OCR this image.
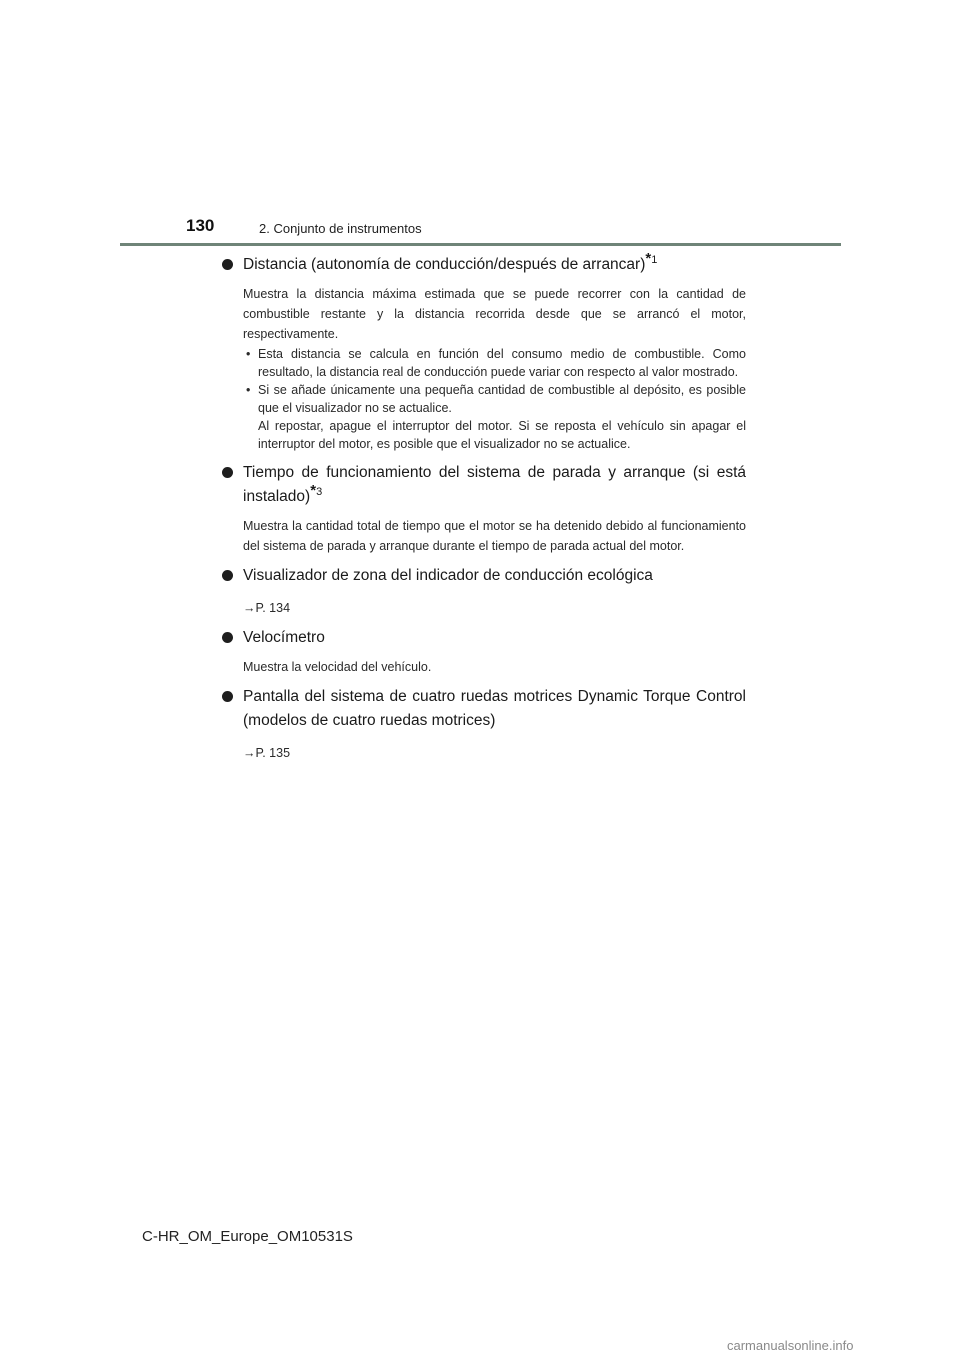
130	2. Conjunto de instrumentos
Distancia (autonomía de conducción/después de arrancar)$^{*1}$
Muestra la distancia máxima estimada que se puede recorrer con la cantidad de combustible restante y la distancia recorrida desde que se arrancó el motor, respectivamente.
• Esta distancia se calcula en función del consumo medio de combustible. Como resultado, la distancia real de conducción puede variar con respecto al valor mostrado.
• Si se añade únicamente una pequeña cantidad de combustible al depósito, es posible que el visualizador no se actualice.
Al repostar, apague el interruptor del motor. Si se reposta el vehículo sin apagar el interruptor del motor, es posible que el visualizador no se actualice.
Tiempo de funcionamiento del sistema de parada y arranque (si está instalado)$^{*3}$
Muestra la cantidad total de tiempo que el motor se ha detenido debido al funcionamiento del sistema de parada y arranque durante el tiempo de parada actual del motor.
Visualizador de zona del indicador de conducción ecológica
→P. 134
Velocímetro
Muestra la velocidad del vehículo.
Pantalla del sistema de cuatro ruedas motrices Dynamic Torque Control (modelos de cuatro ruedas motrices)
→P. 135
C-HR_OM_Europe_OM10531S
carmanualsonline.info
